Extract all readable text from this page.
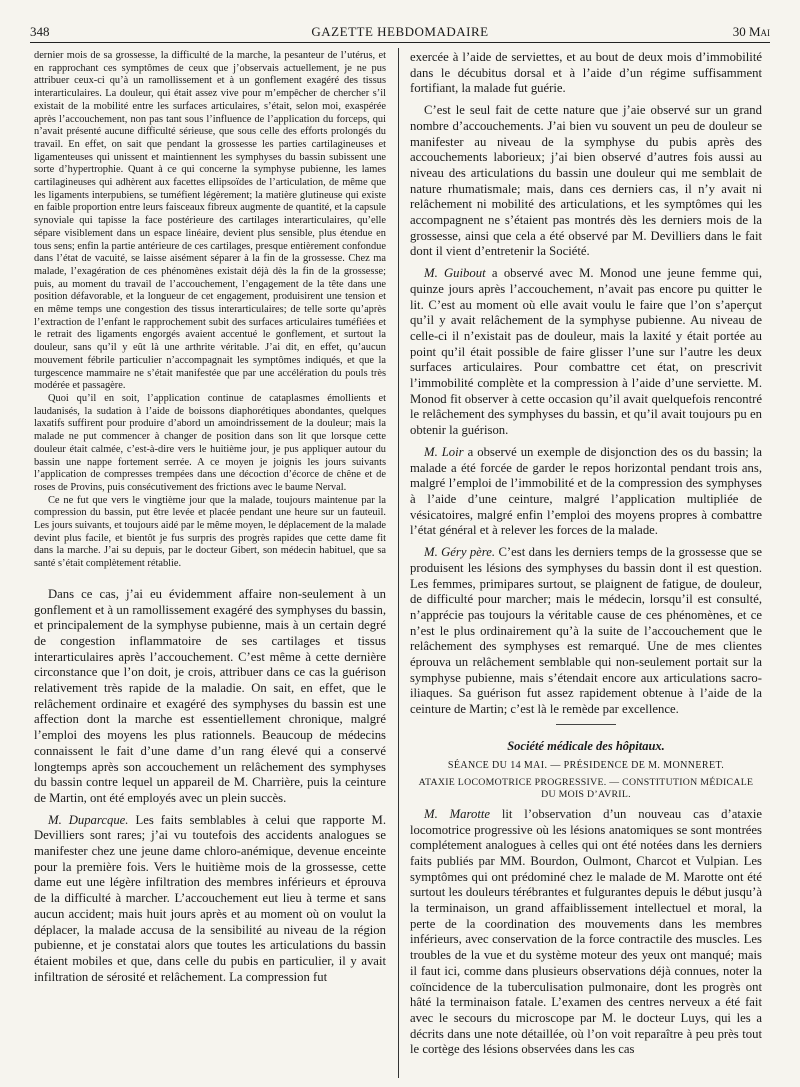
348	GAZETTE HEBDOMADAIRE	30 Mai

dernier mois de sa grossesse, la difficulté de la marche, la pesanteur de l’utérus, et en rapprochant ces symptômes de ceux que j’observais actuellement, je ne pus attribuer ceux-ci qu’à un ramollissement et à un gonflement exagéré des tissus interarticulaires. La douleur, qui était assez vive pour m’empêcher de chercher s’il existait de la mobilité entre les surfaces articulaires, s’était, selon moi, exaspérée après l’accouchement, non pas tant sous l’influence de l’application du forceps, qui n’avait présenté aucune difficulté sérieuse, que sous celle des efforts prolongés du travail. En effet, on sait que pendant la grossesse les parties cartilagineuses et ligamenteuses qui unissent et maintiennent les symphyses du bassin subissent une sorte d’hypertrophie. Quant à ce qui concerne la symphyse pubienne, les lames cartilagineuses qui adhèrent aux facettes ellipsoïdes de l’articulation, de même que les ligaments interpubiens, se tuméfient légèrement; la matière glutineuse qui existe en faible proportion entre leurs faisceaux fibreux augmente de quantité, et la capsule synoviale qui tapisse la face postérieure des cartilages interarticulaires, qu’elle sépare visiblement dans un espace linéaire, devient plus sensible, plus étendue en tous sens; enfin la partie antérieure de ces cartilages, presque entièrement confondue dans l’état de vacuité, se laisse aisément séparer à la fin de la grossesse. Chez ma malade, l’exagération de ces phénomènes existait déjà dès la fin de la grossesse; puis, au moment du travail de l’accouchement, l’engagement de la tête dans une position défavorable, et la longueur de cet engagement, produisirent une tension et en même temps une congestion des tissus interarticulaires; de telle sorte qu’après l’extraction de l’enfant le rapprochement subit des surfaces articulaires tuméfiées et le retrait des ligaments engorgés avaient accentué le gonflement, et surtout la douleur, sans qu’il y eût là une arthrite véritable. J’ai dit, en effet, qu’aucun mouvement fébrile particulier n’accompagnait les symptômes indiqués, et que la turgescence mammaire ne s’était manifestée que par une accélération du pouls très modérée et passagère.

Quoi qu’il en soit, l’application continue de cataplasmes émollients et laudanisés, la sudation à l’aide de boissons diaphorétiques abondantes, quelques laxatifs suffirent pour produire d’abord un amoindrissement de la douleur; mais la malade ne put commencer à changer de position dans son lit que lorsque cette douleur était calmée, c’est-à-dire vers le huitième jour, je pus appliquer autour du bassin une nappe fortement serrée. A ce moyen je joignis les jours suivants l’application de compresses trempées dans une décoction d’écorce de chêne et de roses de Provins, puis consécutivement des frictions avec le baume Nerval.

Ce ne fut que vers le vingtième jour que la malade, toujours maintenue par la compression du bassin, put être levée et placée pendant une heure sur un fauteuil. Les jours suivants, et toujours aidé par le même moyen, le déplacement de la malade devint plus facile, et bientôt je fus surpris des progrès rapides que cette dame fit dans la marche. J’ai su depuis, par le docteur Gibert, son médecin habituel, que sa santé s’était complètement rétablie.

Dans ce cas, j’ai eu évidemment affaire non-seulement à un gonflement et à un ramollissement exagéré des symphyses du bassin, et principalement de la symphyse pubienne, mais à un certain degré de congestion inflammatoire de ses cartilages et tissus interarticulaires après l’accouchement. C’est même à cette dernière circonstance que l’on doit, je crois, attribuer dans ce cas la guérison relativement très rapide de la maladie. On sait, en effet, que le relâchement ordinaire et exagéré des symphyses du bassin est une affection dont la marche est essentiellement chronique, malgré l’emploi des moyens les plus rationnels. Beaucoup de médecins connaissent le fait d’une dame d’un rang élevé qui a conservé longtemps après son accouchement un relâchement des symphyses du bassin contre lequel un appareil de M. Charrière, puis la ceinture de Martin, ont été employés avec un plein succès.

M. Duparcque. Les faits semblables à celui que rapporte M. Devilliers sont rares; j’ai vu toutefois des accidents analogues se manifester chez une jeune dame chloro-anémique, devenue enceinte pour la première fois. Vers le huitième mois de la grossesse, cette dame eut une légère infiltration des membres inférieurs et éprouva de la difficulté à marcher. L’accouchement eut lieu à terme et sans aucun accident; mais huit jours après et au moment où on voulut la déplacer, la malade accusa de la sensibilité au niveau de la région pubienne, et je constatai alors que toutes les articulations du bassin étaient mobiles et que, dans celle du pubis en particulier, il y avait infiltration de sérosité et relâchement. La compression fut

exercée à l’aide de serviettes, et au bout de deux mois d’immobilité dans le décubitus dorsal et à l’aide d’un régime suffisamment fortifiant, la malade fut guérie.

C’est le seul fait de cette nature que j’aie observé sur un grand nombre d’accouchements. J’ai bien vu souvent un peu de douleur se manifester au niveau de la symphyse du pubis après des accouchements laborieux; j’ai bien observé d’autres fois aussi au niveau des articulations du bassin une douleur qui me semblait de nature rhumatismale; mais, dans ces derniers cas, il n’y avait ni relâchement ni mobilité des articulations, et les symptômes qui les accompagnent ne s’étaient pas montrés dès les derniers mois de la grossesse, ainsi que cela a été observé par M. Devilliers dans le fait dont il vient d’entretenir la Société.

M. Guibout a observé avec M. Monod une jeune femme qui, quinze jours après l’accouchement, n’avait pas encore pu quitter le lit. C’est au moment où elle avait voulu le faire que l’on s’aperçut qu’il y avait relâchement de la symphyse pubienne. Au niveau de celle-ci il n’existait pas de douleur, mais la laxité y était portée au point qu’il était possible de faire glisser l’une sur l’autre les deux surfaces articulaires. Pour combattre cet état, on prescrivit l’immobilité complète et la compression à l’aide d’une serviette. M. Monod fit observer à cette occasion qu’il avait quelquefois rencontré le relâchement des symphyses du bassin, et qu’il avait toujours pu en obtenir la guérison.

M. Loir a observé un exemple de disjonction des os du bassin; la malade a été forcée de garder le repos horizontal pendant trois ans, malgré l’emploi de l’immobilité et de la compression des symphyses à l’aide d’une ceinture, malgré l’application multipliée de vésicatoires, malgré enfin l’emploi des moyens propres à combattre l’état général et à relever les forces de la malade.

M. Géry père. C’est dans les derniers temps de la grossesse que se produisent les lésions des symphyses du bassin dont il est question. Les femmes, primipares surtout, se plaignent de fatigue, de douleur, de difficulté pour marcher; mais le médecin, lorsqu’il est consulté, n’apprécie pas toujours la véritable cause de ces phénomènes, et ce n’est le plus ordinairement qu’à la suite de l’accouchement que le relâchement des symphyses est remarqué. Une de mes clientes éprouva un relâchement semblable qui non-seulement portait sur la symphyse pubienne, mais s’étendait encore aux articulations sacro-iliaques. Sa guérison fut assez rapidement obtenue à l’aide de la ceinture de Martin; c’est là le remède par excellence.

Société médicale des hôpitaux.
SÉANCE DU 14 MAI. — PRÉSIDENCE DE M. MONNERET.
ATAXIE LOCOMOTRICE PROGRESSIVE. — CONSTITUTION MÉDICALE DU MOIS D’AVRIL.

M. Marotte lit l’observation d’un nouveau cas d’ataxie locomotrice progressive où les lésions anatomiques se sont montrées complétement analogues à celles qui ont été notées dans les derniers faits publiés par MM. Bourdon, Oulmont, Charcot et Vulpian. Les symptômes qui ont prédominé chez le malade de M. Marotte ont été surtout les douleurs térébrantes et fulgurantes depuis le début jusqu’à la terminaison, un grand affaiblissement intellectuel et moral, la perte de la coordination des mouvements dans les membres inférieurs, avec conservation de la force contractile des muscles. Les troubles de la vue et du système moteur des yeux ont manqué; mais il faut ici, comme dans plusieurs observations déjà connues, noter la coïncidence de la tuberculisation pulmonaire, dont les progrès ont hâté la terminaison fatale. L’examen des centres nerveux a été fait avec le secours du microscope par M. le docteur Luys, qui les a décrits dans une note détaillée, où l’on voit reparaître à peu près tout le cortège des lésions observées dans les cas
